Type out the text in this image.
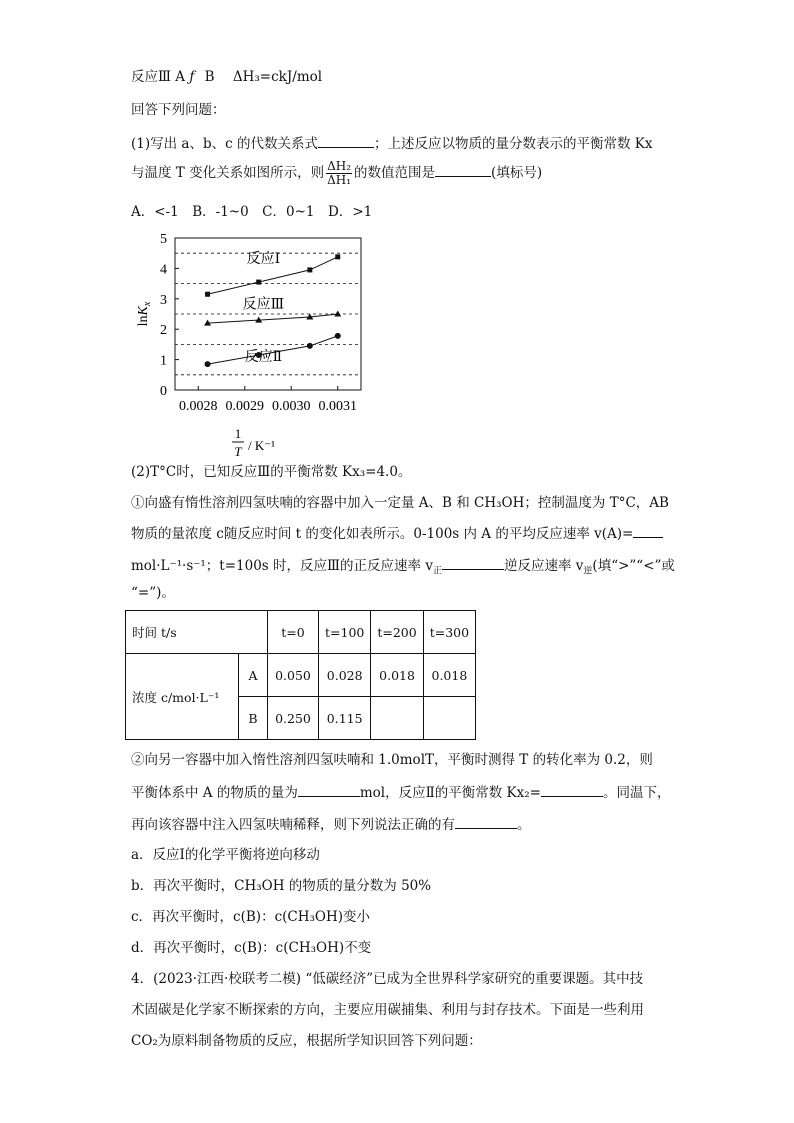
反应Ⅲ A ƒ B ΔH₃=ckJ/mol
回答下列问题：
(1)写出 a、b、c 的代数关系式	；上述反应以物质的量分数表示的平衡常数 Kx
与温度 T 变化关系如图所示，则 $\frac{\text{ΔH₂}}{\text{ΔH₁}}$ 的数值范围是	(填标号)
A．<-1　B．-1~0　C．0~1　D．>1
0
1
2
3
4
5
0.0028 0.0029 0.0030 0.0031
lnK$_x$
1
T / K⁻¹
反应Ⅰ
反应Ⅲ
反应Ⅱ
(2)T°C时，已知反应Ⅲ的平衡常数 Kx₃=4.0。
①向盛有惰性溶剂四氢呋喃的容器中加入一定量 A、B 和 CH₃OH；控制温度为 T°C，AB
物质的量浓度 c随反应时间 t 的变化如表所示。0-100s 内 A 的平均反应速率 v(A)=
mol·L⁻¹·s⁻¹；t=100s 时，反应Ⅲ的正反应速率 $v_正$	逆反应速率 $v_逆$(填“>”“<”或
“=”)。
时间 t/s		t=0	t=100	t=200	t=300
浓度 c/mol·L⁻¹	A	0.050	0.028	0.018	0.018
	B	0.250	0.115		
②向另一容器中加入惰性溶剂四氢呋喃和 1.0molT，平衡时测得 T 的转化率为 0.2，则
平衡体系中 A 的物质的量为	mol，反应Ⅱ的平衡常数 Kx₂=	。同温下，
再向该容器中注入四氢呋喃稀释，则下列说法正确的有	。
a．反应Ⅰ的化学平衡将逆向移动
b．再次平衡时，CH₃OH 的物质的量分数为 50%
c．再次平衡时，c(B)：c(CH₃OH)变小
d．再次平衡时，c(B)：c(CH₃OH)不变
4．(2023·江西·校联考二模) “低碳经济”已成为全世界科学家研究的重要课题。其中技
术固碳是化学家不断探索的方向，主要应用碳捕集、利用与封存技术。下面是一些利用
CO₂为原料制备物质的反应，根据所学知识回答下列问题：
